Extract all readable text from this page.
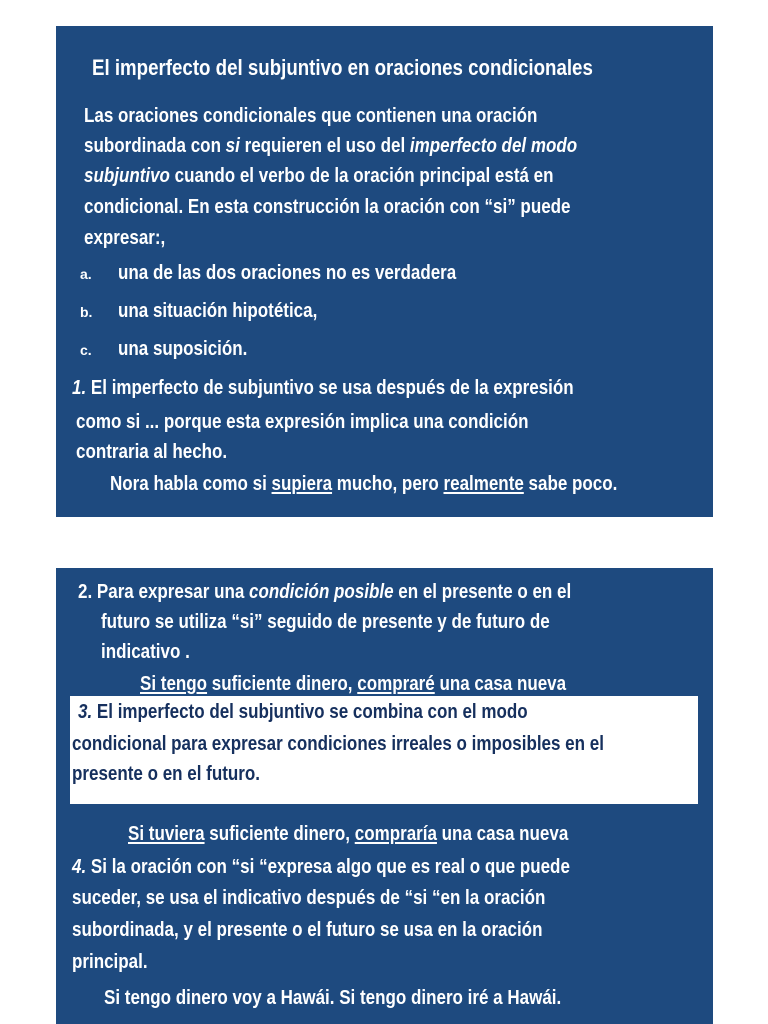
El imperfecto del subjuntivo en oraciones condicionales
Las oraciones condicionales que contienen una oración
subordinada con si requieren el uso del imperfecto del modo
subjuntivo cuando el verbo de la oración principal está en
condicional. En esta construcción la oración con “si” puede
expresar:,
a. una de las dos oraciones no es verdadera
b. una situación hipotética,
c. una suposición.
1. El imperfecto de subjuntivo se usa después de la expresión
como si ... porque esta expresión implica una condición
contraria al hecho.
Nora habla como si supiera mucho, pero realmente sabe poco.
2. Para expresar una condición posible en el presente o en el
futuro se utiliza “si” seguido de presente y de futuro de
indicativo .
Si tengo suficiente dinero, compraré una casa nueva
Si tuviera suficiente dinero, compraría una casa nueva
4. Si la oración con “si “expresa algo que es real o que puede
suceder, se usa el indicativo después de “si “en la oración
subordinada, y el presente o el futuro se usa en la oración
principal.
Si tengo dinero voy a Hawái. Si tengo dinero iré a Hawái.
3. El imperfecto del subjuntivo se combina con el modo
condicional para expresar condiciones irreales o imposibles en el
presente o en el futuro.
